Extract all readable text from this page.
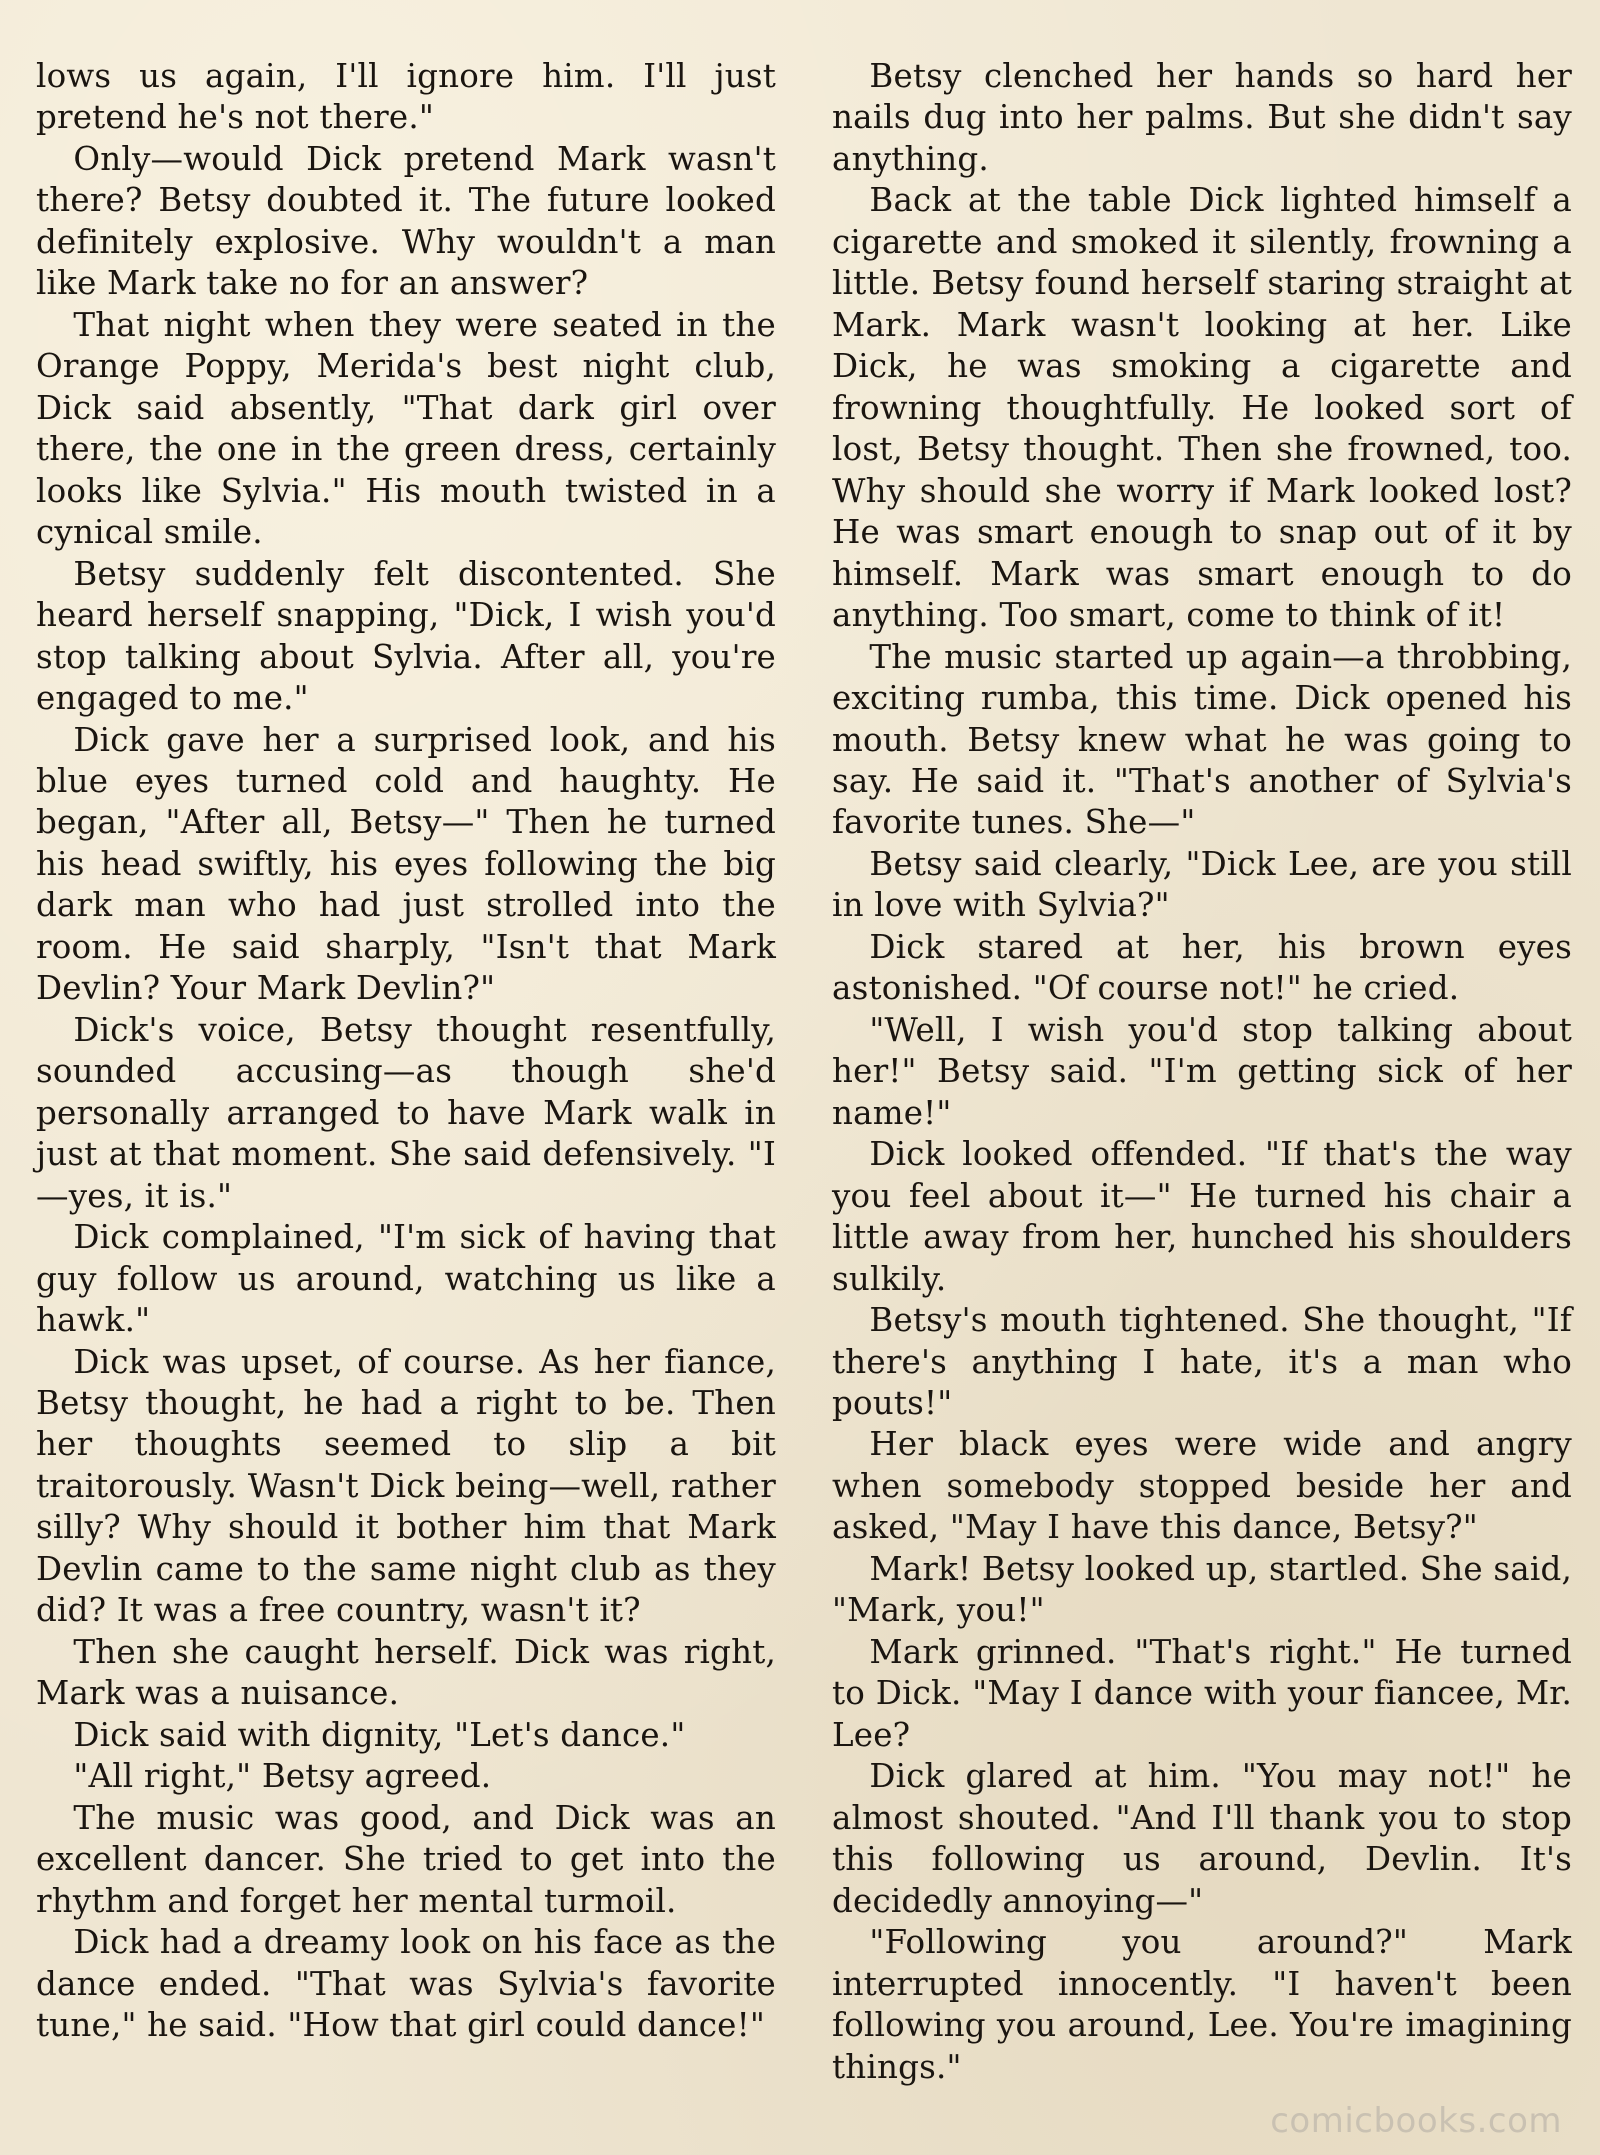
lows us again, I'll ignore him. I'll just pretend he's not there."

Only—would Dick pretend Mark wasn't there? Betsy doubted it. The future looked definitely explosive. Why wouldn't a man like Mark take no for an answer?

That night when they were seated in the Orange Poppy, Merida's best night club, Dick said absently, "That dark girl over there, the one in the green dress, certainly looks like Sylvia." His mouth twisted in a cynical smile.

Betsy suddenly felt discontented. She heard herself snapping, "Dick, I wish you'd stop talking about Sylvia. After all, you're engaged to me."

Dick gave her a surprised look, and his blue eyes turned cold and haughty. He began, "After all, Betsy—" Then he turned his head swiftly, his eyes following the big dark man who had just strolled into the room. He said sharply, "Isn't that Mark Devlin? Your Mark Devlin?"

Dick's voice, Betsy thought resentfully, sounded accusing—as though she'd personally arranged to have Mark walk in just at that moment. She said defensively. "I—yes, it is."

Dick complained, "I'm sick of having that guy follow us around, watching us like a hawk."

Dick was upset, of course. As her fiance, Betsy thought, he had a right to be. Then her thoughts seemed to slip a bit traitorously. Wasn't Dick being—well, rather silly? Why should it bother him that Mark Devlin came to the same night club as they did? It was a free country, wasn't it?

Then she caught herself. Dick was right, Mark was a nuisance.

Dick said with dignity, "Let's dance."

"All right," Betsy agreed.

The music was good, and Dick was an excellent dancer. She tried to get into the rhythm and forget her mental turmoil.

Dick had a dreamy look on his face as the dance ended. "That was Sylvia's favorite tune," he said. "How that girl could dance!"

Betsy clenched her hands so hard her nails dug into her palms. But she didn't say anything.

Back at the table Dick lighted himself a cigarette and smoked it silently, frowning a little. Betsy found herself staring straight at Mark. Mark wasn't looking at her. Like Dick, he was smoking a cigarette and frowning thoughtfully. He looked sort of lost, Betsy thought. Then she frowned, too. Why should she worry if Mark looked lost? He was smart enough to snap out of it by himself. Mark was smart enough to do anything. Too smart, come to think of it!

The music started up again—a throbbing, exciting rumba, this time. Dick opened his mouth. Betsy knew what he was going to say. He said it. "That's another of Sylvia's favorite tunes. She—"

Betsy said clearly, "Dick Lee, are you still in love with Sylvia?"

Dick stared at her, his brown eyes astonished. "Of course not!" he cried.

"Well, I wish you'd stop talking about her!" Betsy said. "I'm getting sick of her name!"

Dick looked offended. "If that's the way you feel about it—" He turned his chair a little away from her, hunched his shoulders sulkily.

Betsy's mouth tightened. She thought, "If there's anything I hate, it's a man who pouts!"

Her black eyes were wide and angry when somebody stopped beside her and asked, "May I have this dance, Betsy?"

Mark! Betsy looked up, startled. She said, "Mark, you!"

Mark grinned. "That's right." He turned to Dick. "May I dance with your fiancee, Mr. Lee?

Dick glared at him. "You may not!" he almost shouted. "And I'll thank you to stop this following us around, Devlin. It's decidedly annoying—"

"Following you around?" Mark interrupted innocently. "I haven't been following you around, Lee. You're imagining things."

comicbooks.com
